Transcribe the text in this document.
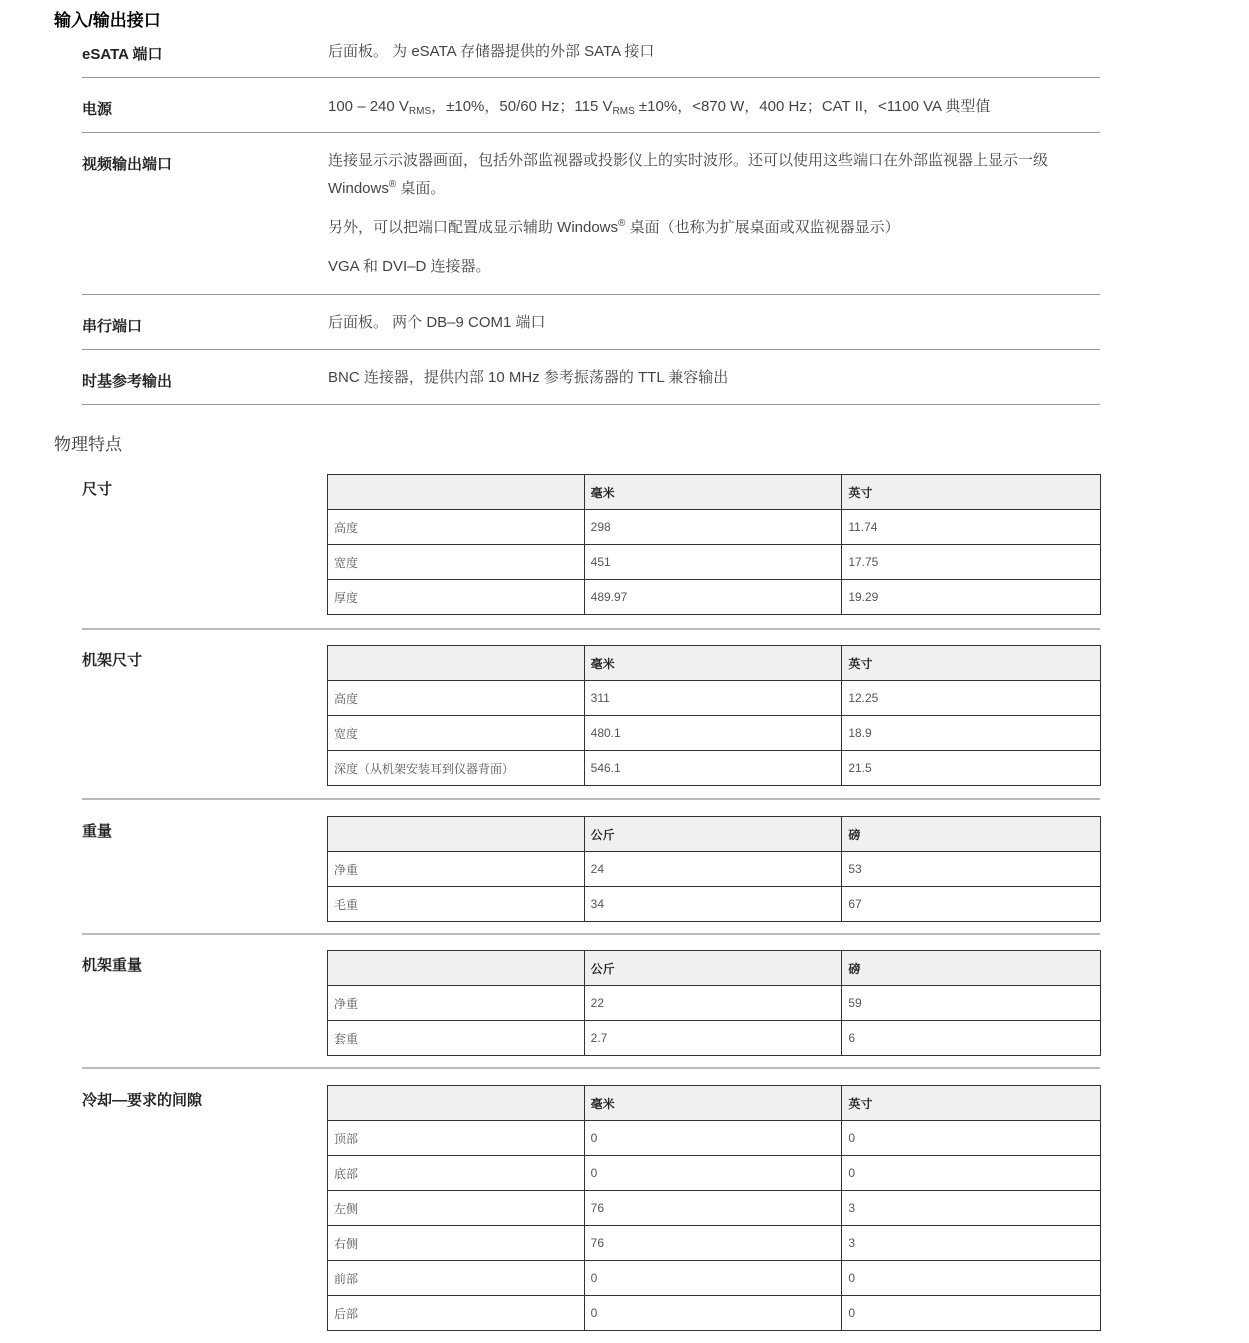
输入/输出接口
eSATA 端口	后面板。 为 eSATA 存储器提供的外部 SATA 接口
电源	100 – 240 $V_{RMS}$，±10%，50/60 Hz；115 $V_{RMS} \pm 10\%$，<870 W，400 Hz；CAT II，<1100 VA 典型值
视频输出端口	连接显示示波器画面，包括外部监视器或投影仪上的实时波形。还可以使用这些端口在外部监视器上显示一级 Windows® 桌面。

另外，可以把端口配置成显示辅助 Windows® 桌面（也称为扩展桌面或双监视器显示）

VGA 和 DVI–D 连接器。

串行端口	后面板。 两个 DB–9 COM1 端口
时基参考输出	BNC 连接器，提供内部 10 MHz 参考振荡器的 TTL 兼容输出
物理特点
尺寸
		毫米	英寸
高度	298	11.74
宽度	451	17.75
厚度	489.97	19.29
机架尺寸
		毫米	英寸
高度	311	12.25
宽度	480.1	18.9
深度（从机架安装耳到仪器背面）	546.1	21.5
重量
		公斤	磅
净重	24	53
毛重	34	67
机架重量
		公斤	磅
净重	22	59
套重	2.7	6
冷却—要求的间隙
		毫米	英寸
顶部	0	0
底部	0	0
左侧	76	3
右侧	76	3
前部	0	0
后部	0	0
